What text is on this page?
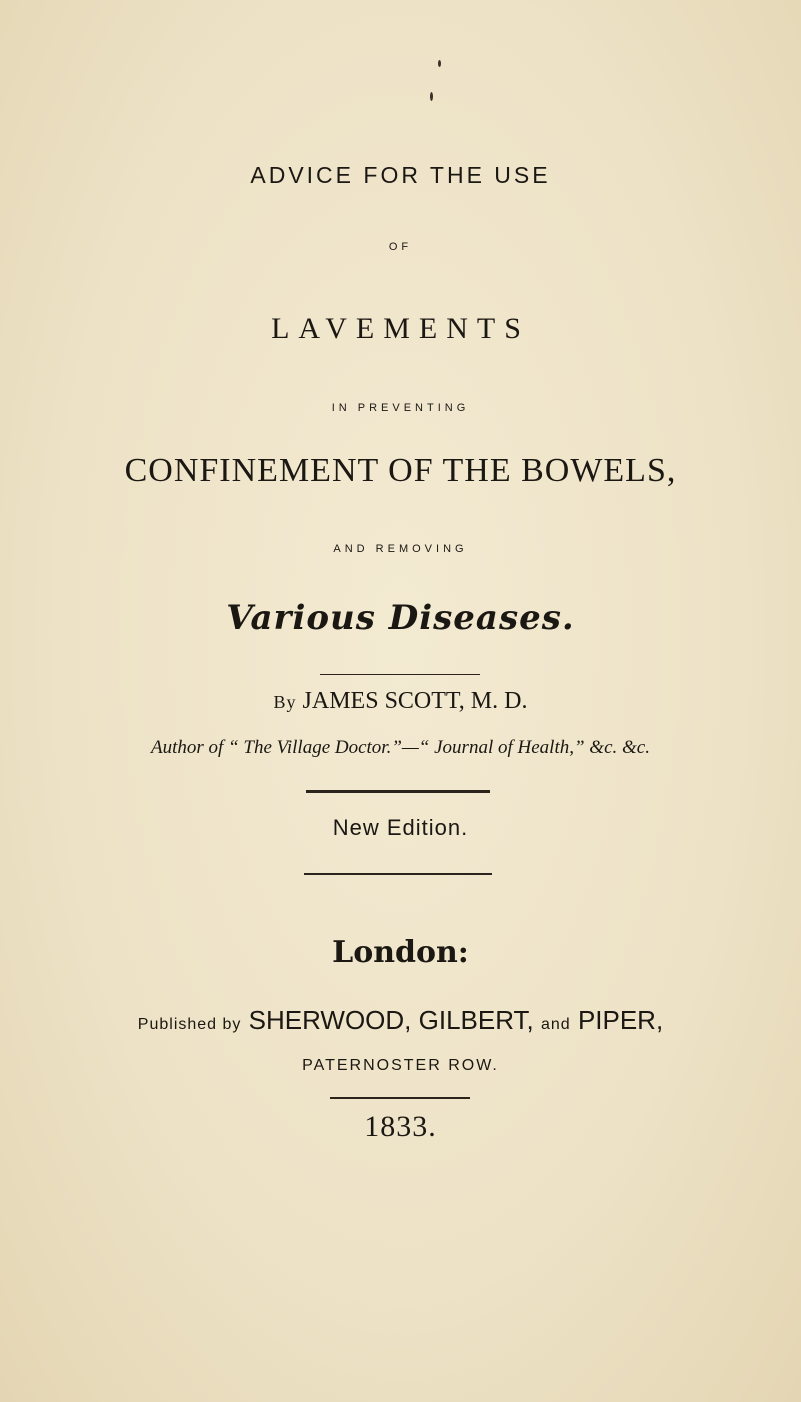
ADVICE FOR THE USE
OF
LAVEMENTS
IN PREVENTING
CONFINEMENT OF THE BOWELS,
AND REMOVING
Various Diseases.
By JAMES SCOTT, M. D.
Author of “ The Village Doctor.”—“ Journal of Health,” &c. &c.
New Edition.
London:
Published by SHERWOOD, GILBERT, and PIPER,
PATERNOSTER ROW.
1833.
